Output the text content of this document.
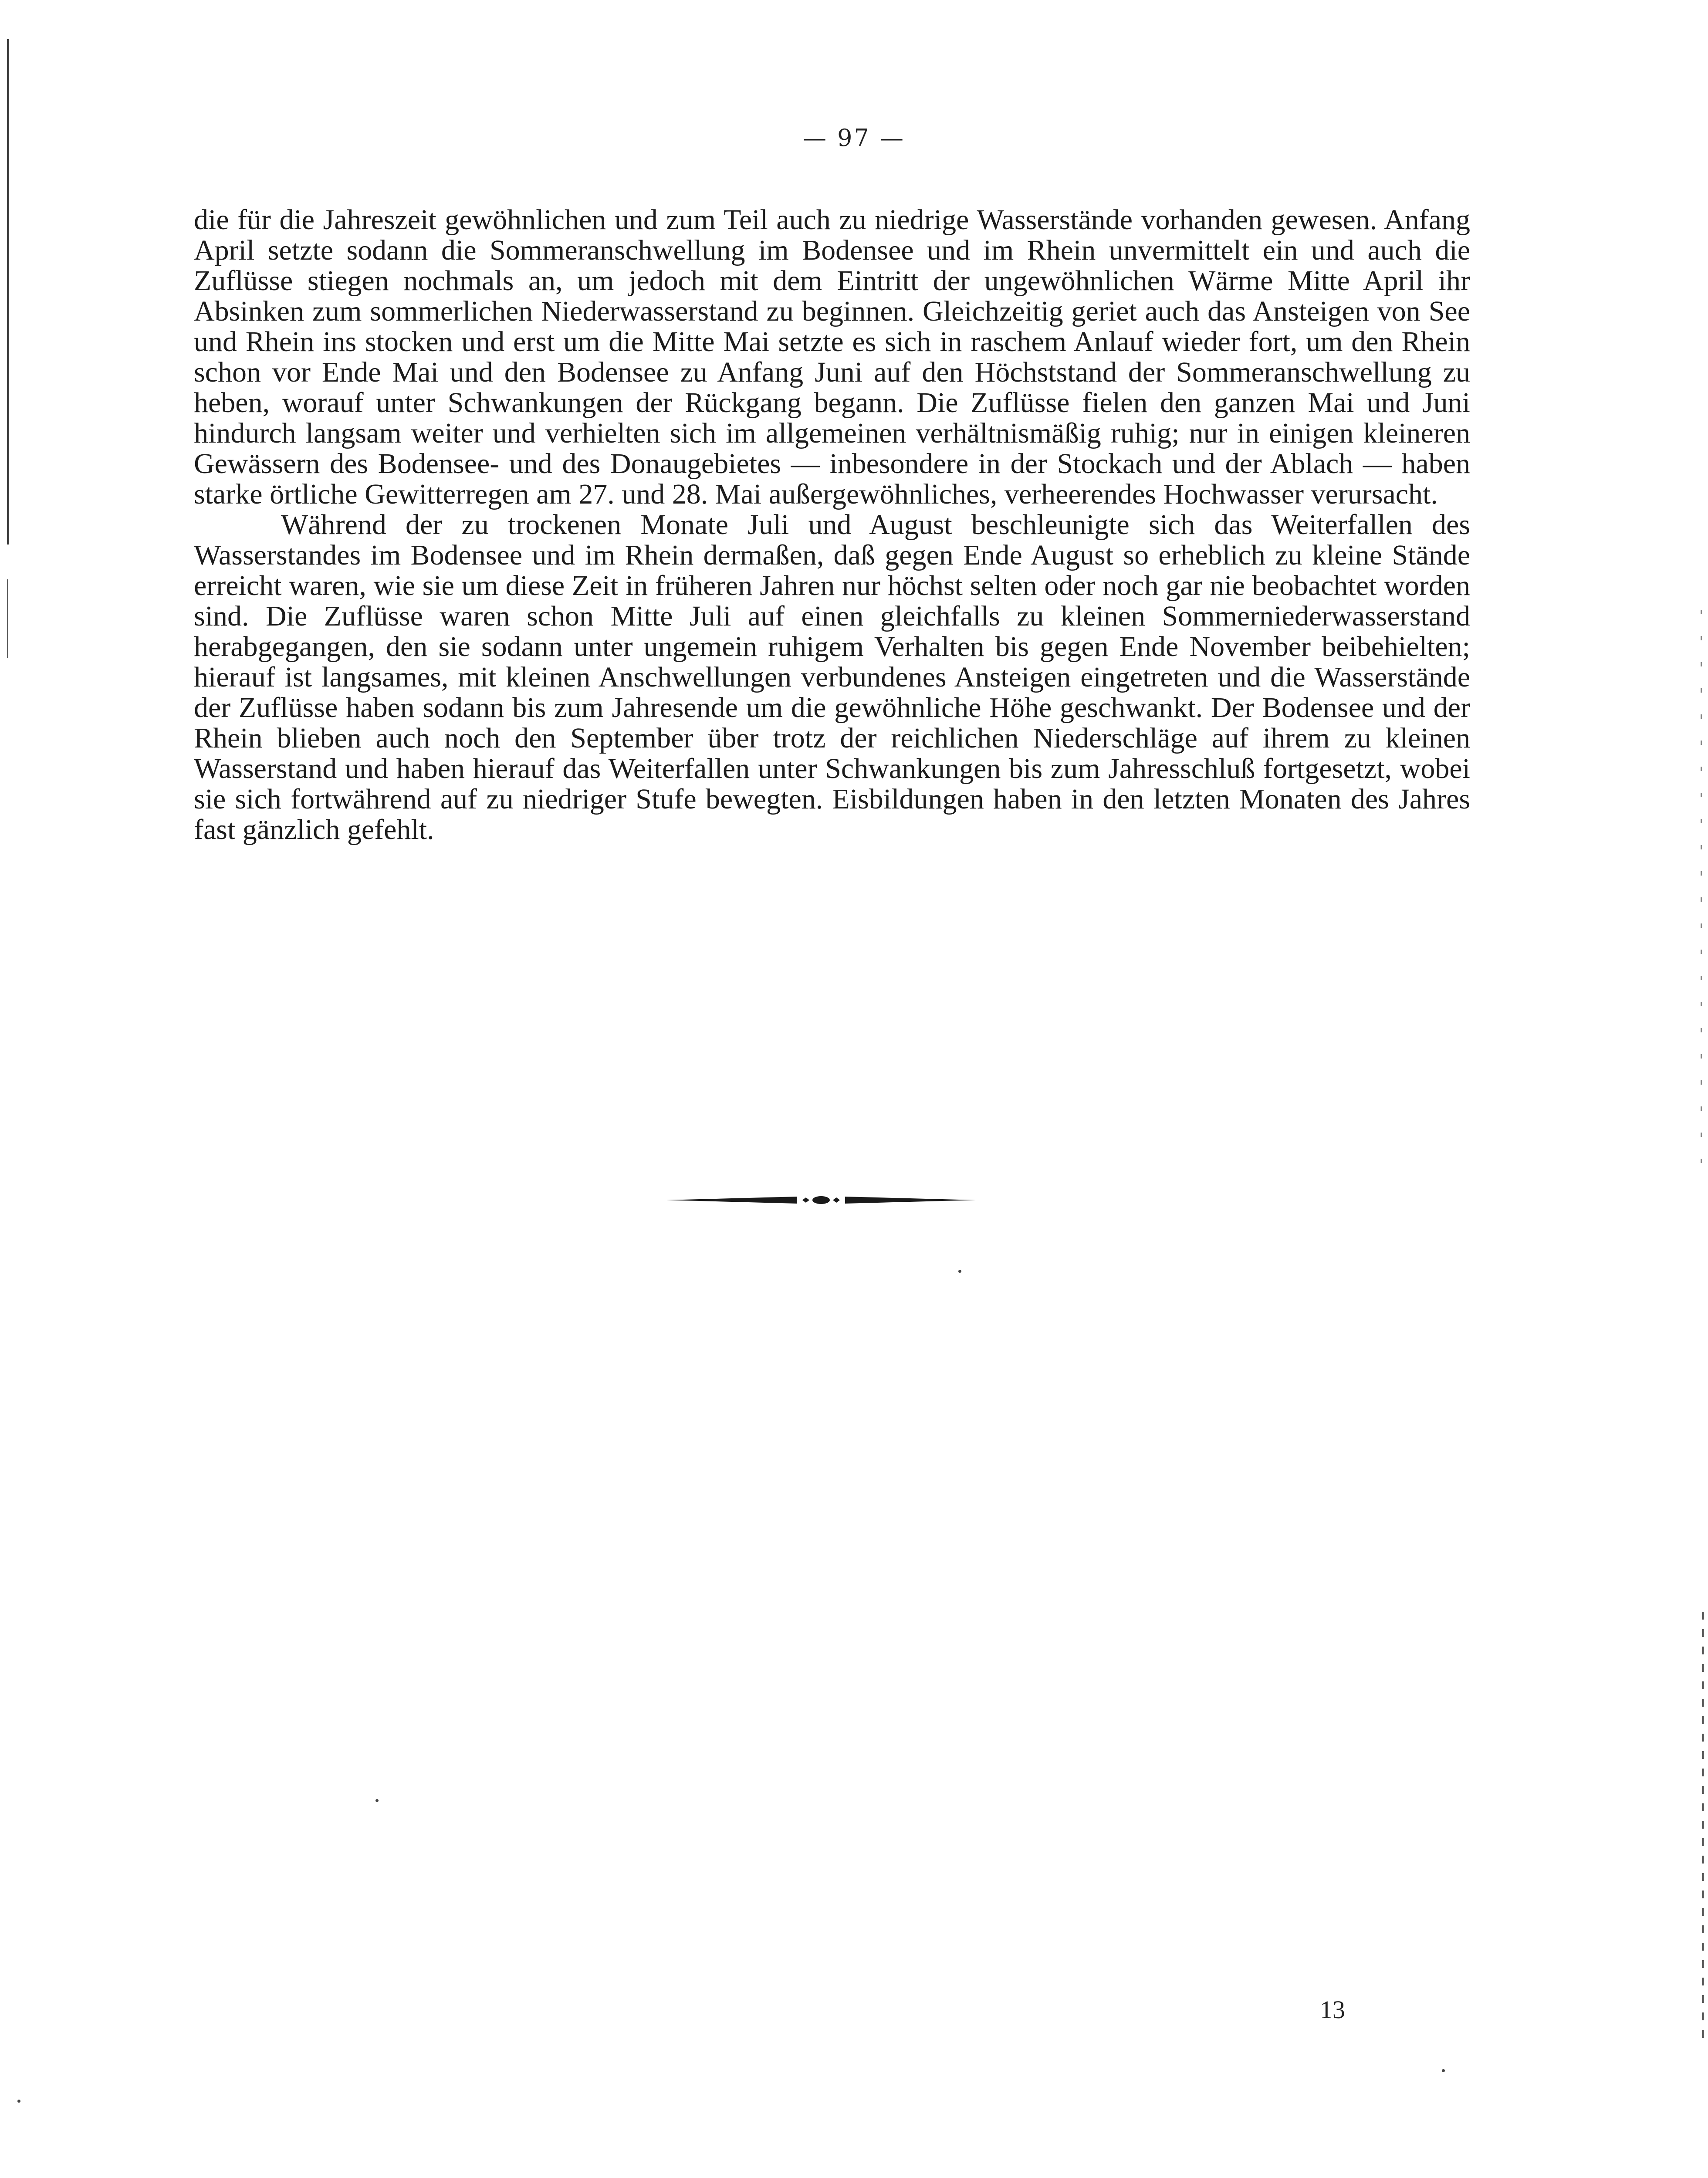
— 97 —

die für die Jahreszeit gewöhnlichen und zum Teil auch zu niedrige Wasserstände vorhanden gewesen. Anfang April setzte sodann die Sommeranschwellung im Bodensee und im Rhein unvermittelt ein und auch die Zuflüsse stiegen nochmals an, um jedoch mit dem Eintritt der ungewöhnlichen Wärme Mitte April ihr Absinken zum sommerlichen Niederwasserstand zu beginnen. Gleichzeitig geriet auch das Ansteigen von See und Rhein ins stocken und erst um die Mitte Mai setzte es sich in raschem Anlauf wieder fort, um den Rhein schon vor Ende Mai und den Bodensee zu Anfang Juni auf den Höchststand der Sommeranschwellung zu heben, worauf unter Schwankungen der Rückgang begann. Die Zuflüsse fielen den ganzen Mai und Juni hindurch langsam weiter und verhielten sich im allgemeinen verhältnismäßig ruhig; nur in einigen kleineren Gewässern des Bodensee- und des Donaugebietes — inbesondere in der Stockach und der Ablach — haben starke örtliche Gewitterregen am 27. und 28. Mai außergewöhnliches, verheerendes Hochwasser verursacht.

Während der zu trockenen Monate Juli und August beschleunigte sich das Weiterfallen des Wasserstandes im Bodensee und im Rhein dermaßen, daß gegen Ende August so erheblich zu kleine Stände erreicht waren, wie sie um diese Zeit in früheren Jahren nur höchst selten oder noch gar nie beobachtet worden sind. Die Zuflüsse waren schon Mitte Juli auf einen gleichfalls zu kleinen Sommerniederwasserstand herabgegangen, den sie sodann unter ungemein ruhigem Verhalten bis gegen Ende November beibehielten; hierauf ist langsames, mit kleinen Anschwellungen verbundenes Ansteigen eingetreten und die Wasserstände der Zuflüsse haben sodann bis zum Jahresende um die gewöhnliche Höhe geschwankt. Der Bodensee und der Rhein blieben auch noch den September über trotz der reichlichen Niederschläge auf ihrem zu kleinen Wasserstand und haben hierauf das Weiterfallen unter Schwankungen bis zum Jahresschluß fortgesetzt, wobei sie sich fortwährend auf zu niedriger Stufe bewegten. Eisbildungen haben in den letzten Monaten des Jahres fast gänzlich gefehlt.

13
